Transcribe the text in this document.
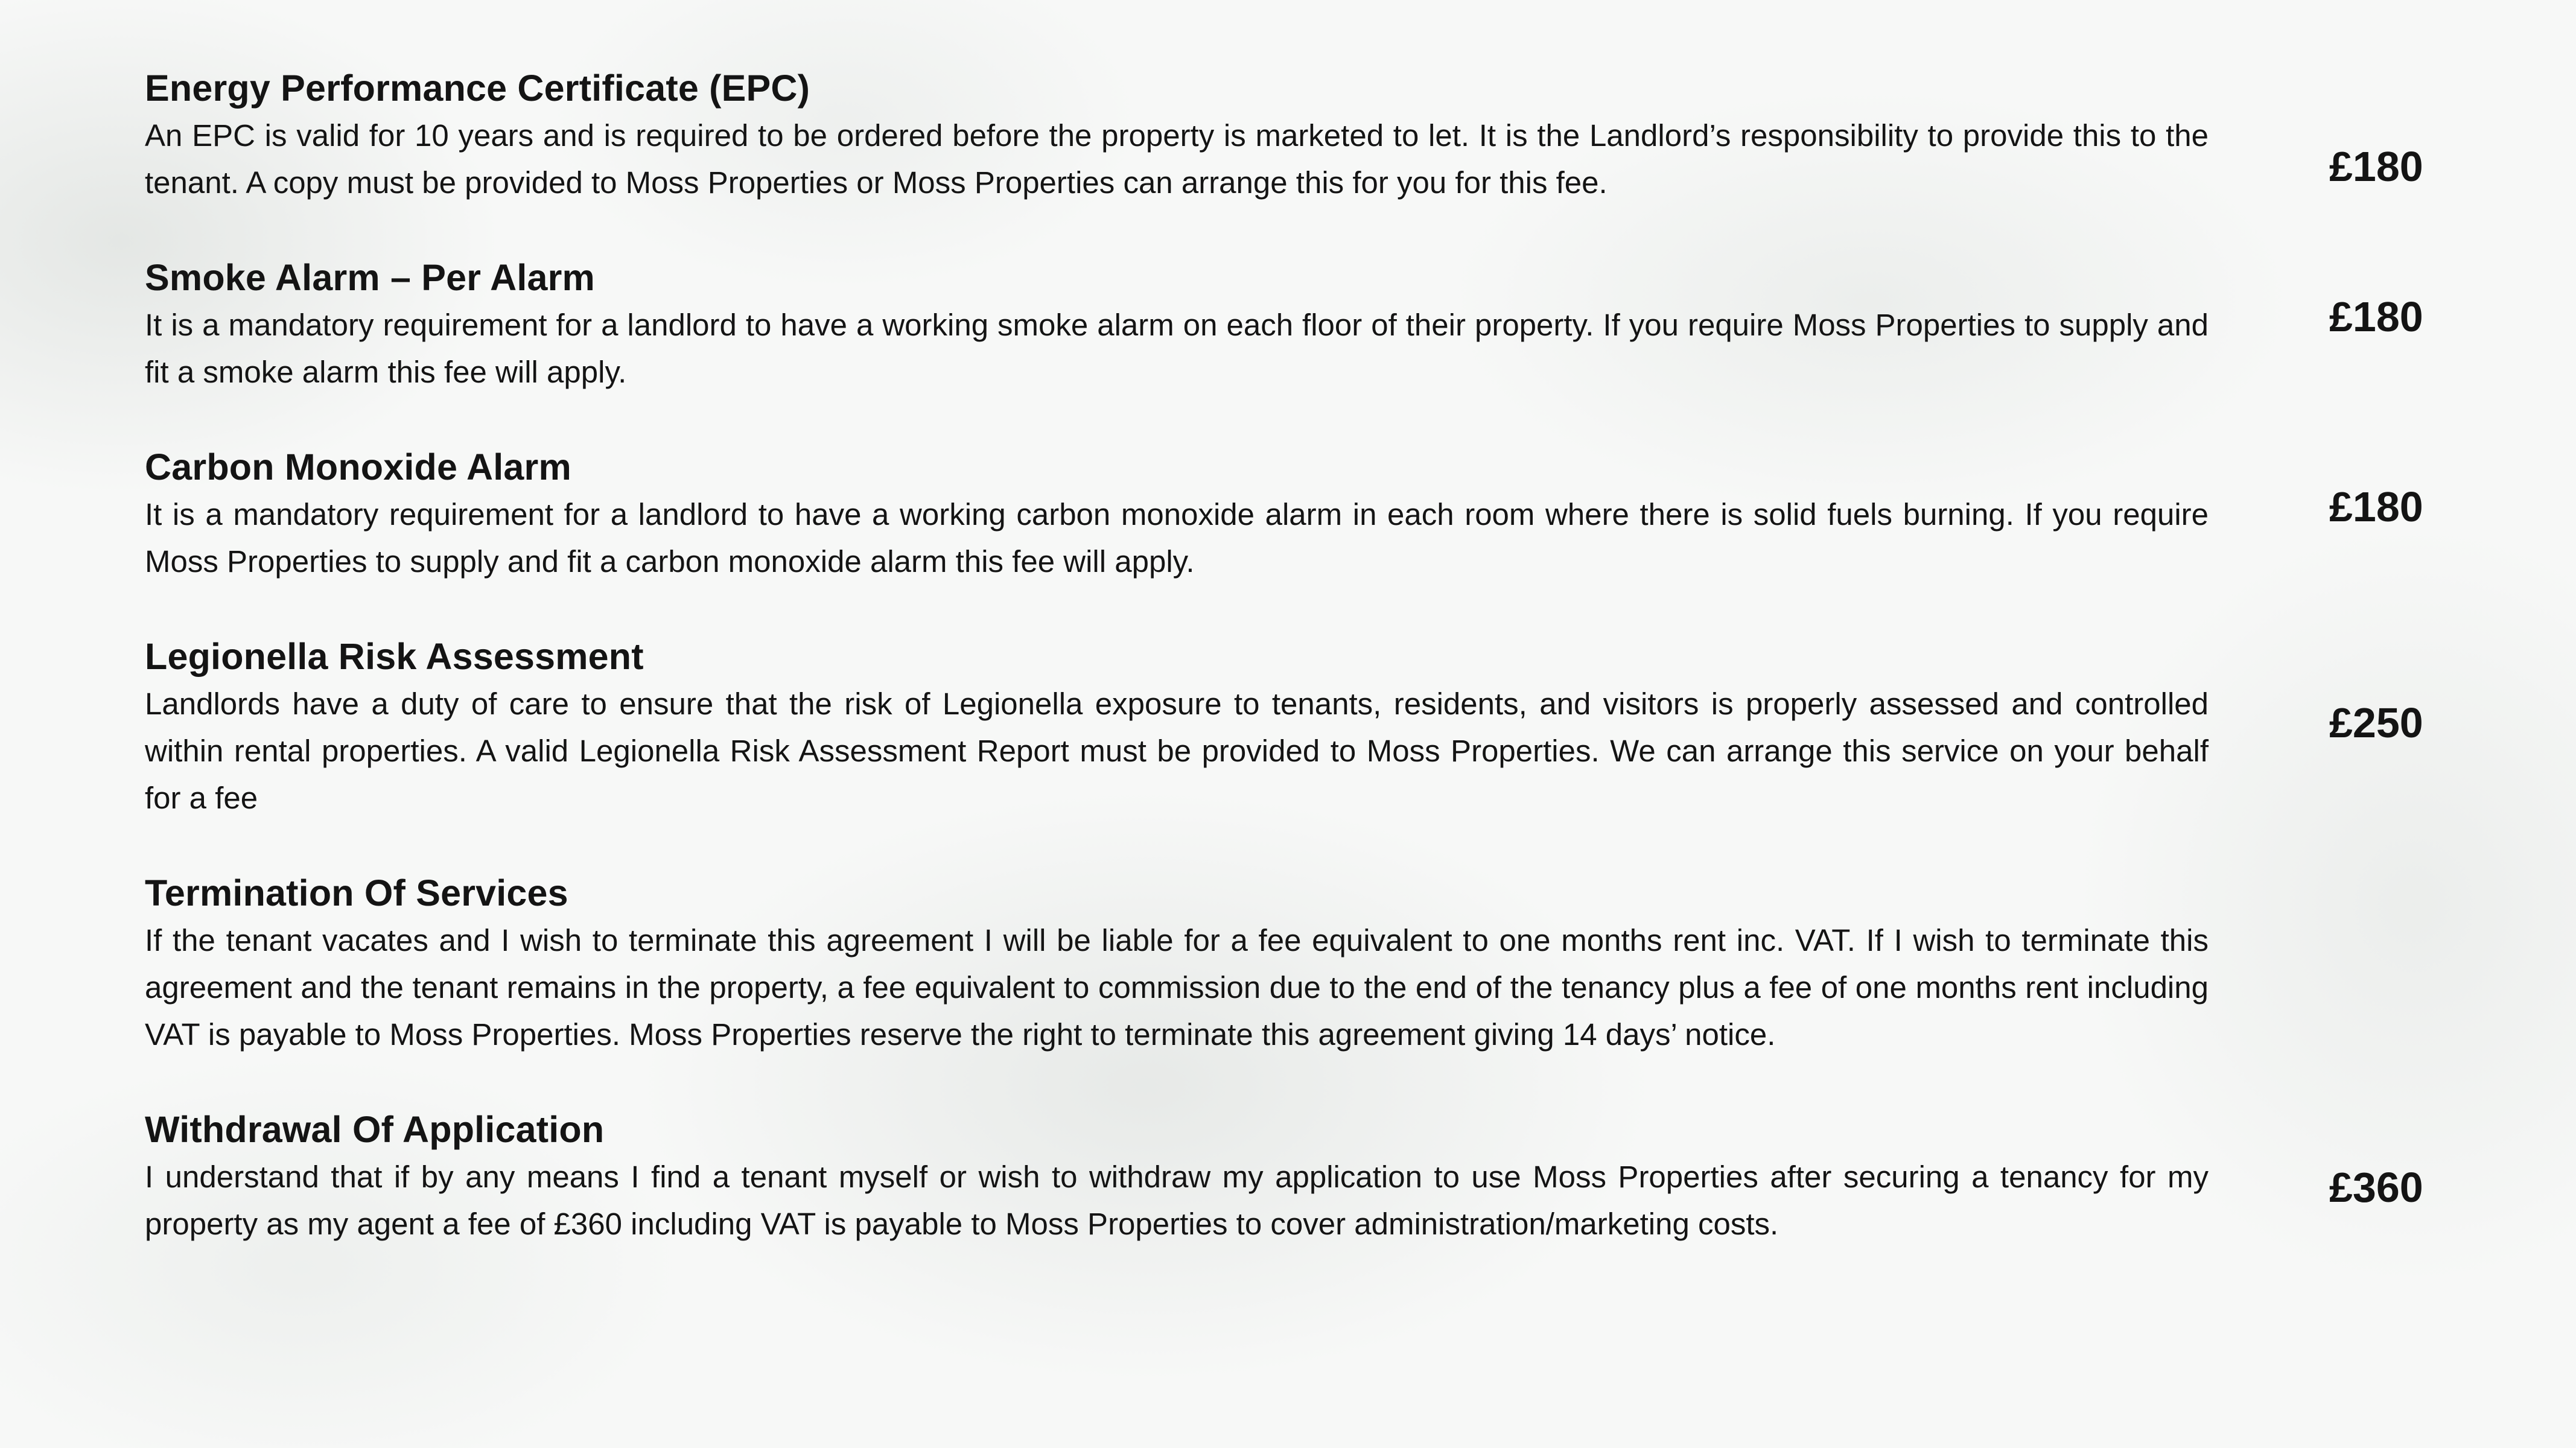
Energy Performance Certificate (EPC)

An EPC is valid for 10 years and is required to be ordered before the property is marketed to let. It is the Landlord’s responsibility to provide this to the tenant. A copy must be provided to Moss Properties or Moss Properties can arrange this for you for this fee.	£180
Smoke Alarm – Per Alarm

It is a mandatory requirement for a landlord to have a working smoke alarm on each floor of their property. If you require Moss Properties to supply and fit a smoke alarm this fee will apply.

£180
Carbon Monoxide Alarm

It is a mandatory requirement for a landlord to have a working carbon monoxide alarm in each room where there is solid fuels burning. If you require Moss Properties to supply and fit a carbon monoxide alarm this fee will apply.

£180
Legionella Risk Assessment

Landlords have a duty of care to ensure that the risk of Legionella exposure to tenants, residents, and visitors is properly assessed and controlled within rental properties. A valid Legionella Risk Assessment Report must be provided to Moss Properties. We can arrange this service on your behalf for a fee

£250
Termination Of Services

If the tenant vacates and I wish to terminate this agreement I will be liable for a fee equivalent to one months rent inc. VAT. If I wish to terminate this agreement and the tenant remains in the property, a fee equivalent to commission due to the end of the tenancy plus a fee of one months rent including VAT is payable to Moss Properties. Moss Properties reserve the right to terminate this agreement giving 14 days’ notice.

Withdrawal Of Application

I understand that if by any means I find a tenant myself or wish to withdraw my application to use Moss Properties after securing a tenancy for my property as my agent a fee of £360 including VAT is payable to Moss Properties to cover administration/marketing costs.

£360
